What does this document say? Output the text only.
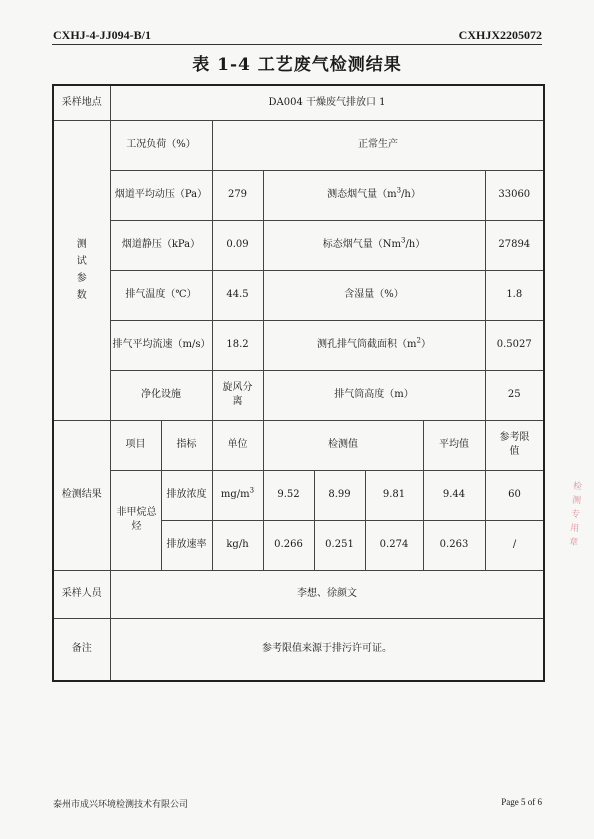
CXHJ-4-JJ094-B/1	CXHJX2205072
表 1-4 工艺废气检测结果
采样地点	DA004 干燥废气排放口 1							
测试参数	工况负荷（%）		正常生产					
	烟道平均动压（Pa）		279	测态烟气量$(m^3/h)$				33060
	烟道静压（kPa）		0.09	标态烟气量（Nm$^3$/h）				27894
	排气温度（℃）		44.5	含湿量（%）				1.8
	排气平均流速（m/s）		18.2	测孔排气筒截面积$(m^2)$				0.5027
	净化设施		旋风分离	排气筒高度（m）				25
检测结果	项目	指标	单位	检测值			平均值	参考限值
	非甲烷总烃	排放浓度	$mg/m^3$	9.52	8.99	9.81	9.44	60
		排放速率	kg/h	0.266	0.251	0.274	0.263	/
采样人员	李想、徐颜文							
备注	参考限值来源于排污许可证。							
检测专用章
泰州市成兴环境检测技术有限公司	Page 5 of 6
